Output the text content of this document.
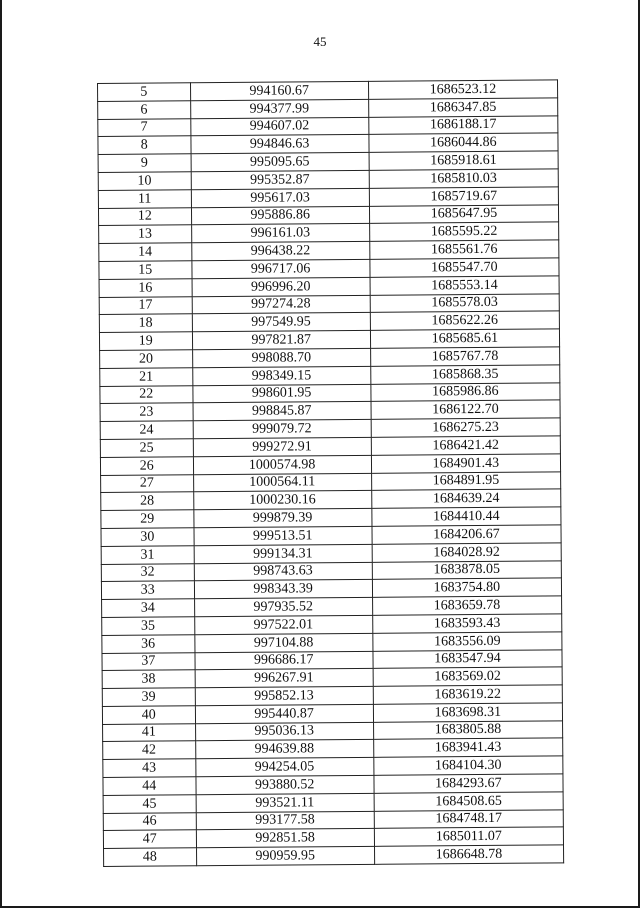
45
5	994160.67	1686523.12
6	994377.99	1686347.85
7	994607.02	1686188.17
8	994846.63	1686044.86
9	995095.65	1685918.61
10	995352.87	1685810.03
11	995617.03	1685719.67
12	995886.86	1685647.95
13	996161.03	1685595.22
14	996438.22	1685561.76
15	996717.06	1685547.70
16	996996.20	1685553.14
17	997274.28	1685578.03
18	997549.95	1685622.26
19	997821.87	1685685.61
20	998088.70	1685767.78
21	998349.15	1685868.35
22	998601.95	1685986.86
23	998845.87	1686122.70
24	999079.72	1686275.23
25	999272.91	1686421.42
26	1000574.98	1684901.43
27	1000564.11	1684891.95
28	1000230.16	1684639.24
29	999879.39	1684410.44
30	999513.51	1684206.67
31	999134.31	1684028.92
32	998743.63	1683878.05
33	998343.39	1683754.80
34	997935.52	1683659.78
35	997522.01	1683593.43
36	997104.88	1683556.09
37	996686.17	1683547.94
38	996267.91	1683569.02
39	995852.13	1683619.22
40	995440.87	1683698.31
41	995036.13	1683805.88
42	994639.88	1683941.43
43	994254.05	1684104.30
44	993880.52	1684293.67
45	993521.11	1684508.65
46	993177.58	1684748.17
47	992851.58	1685011.07
48	990959.95	1686648.78
